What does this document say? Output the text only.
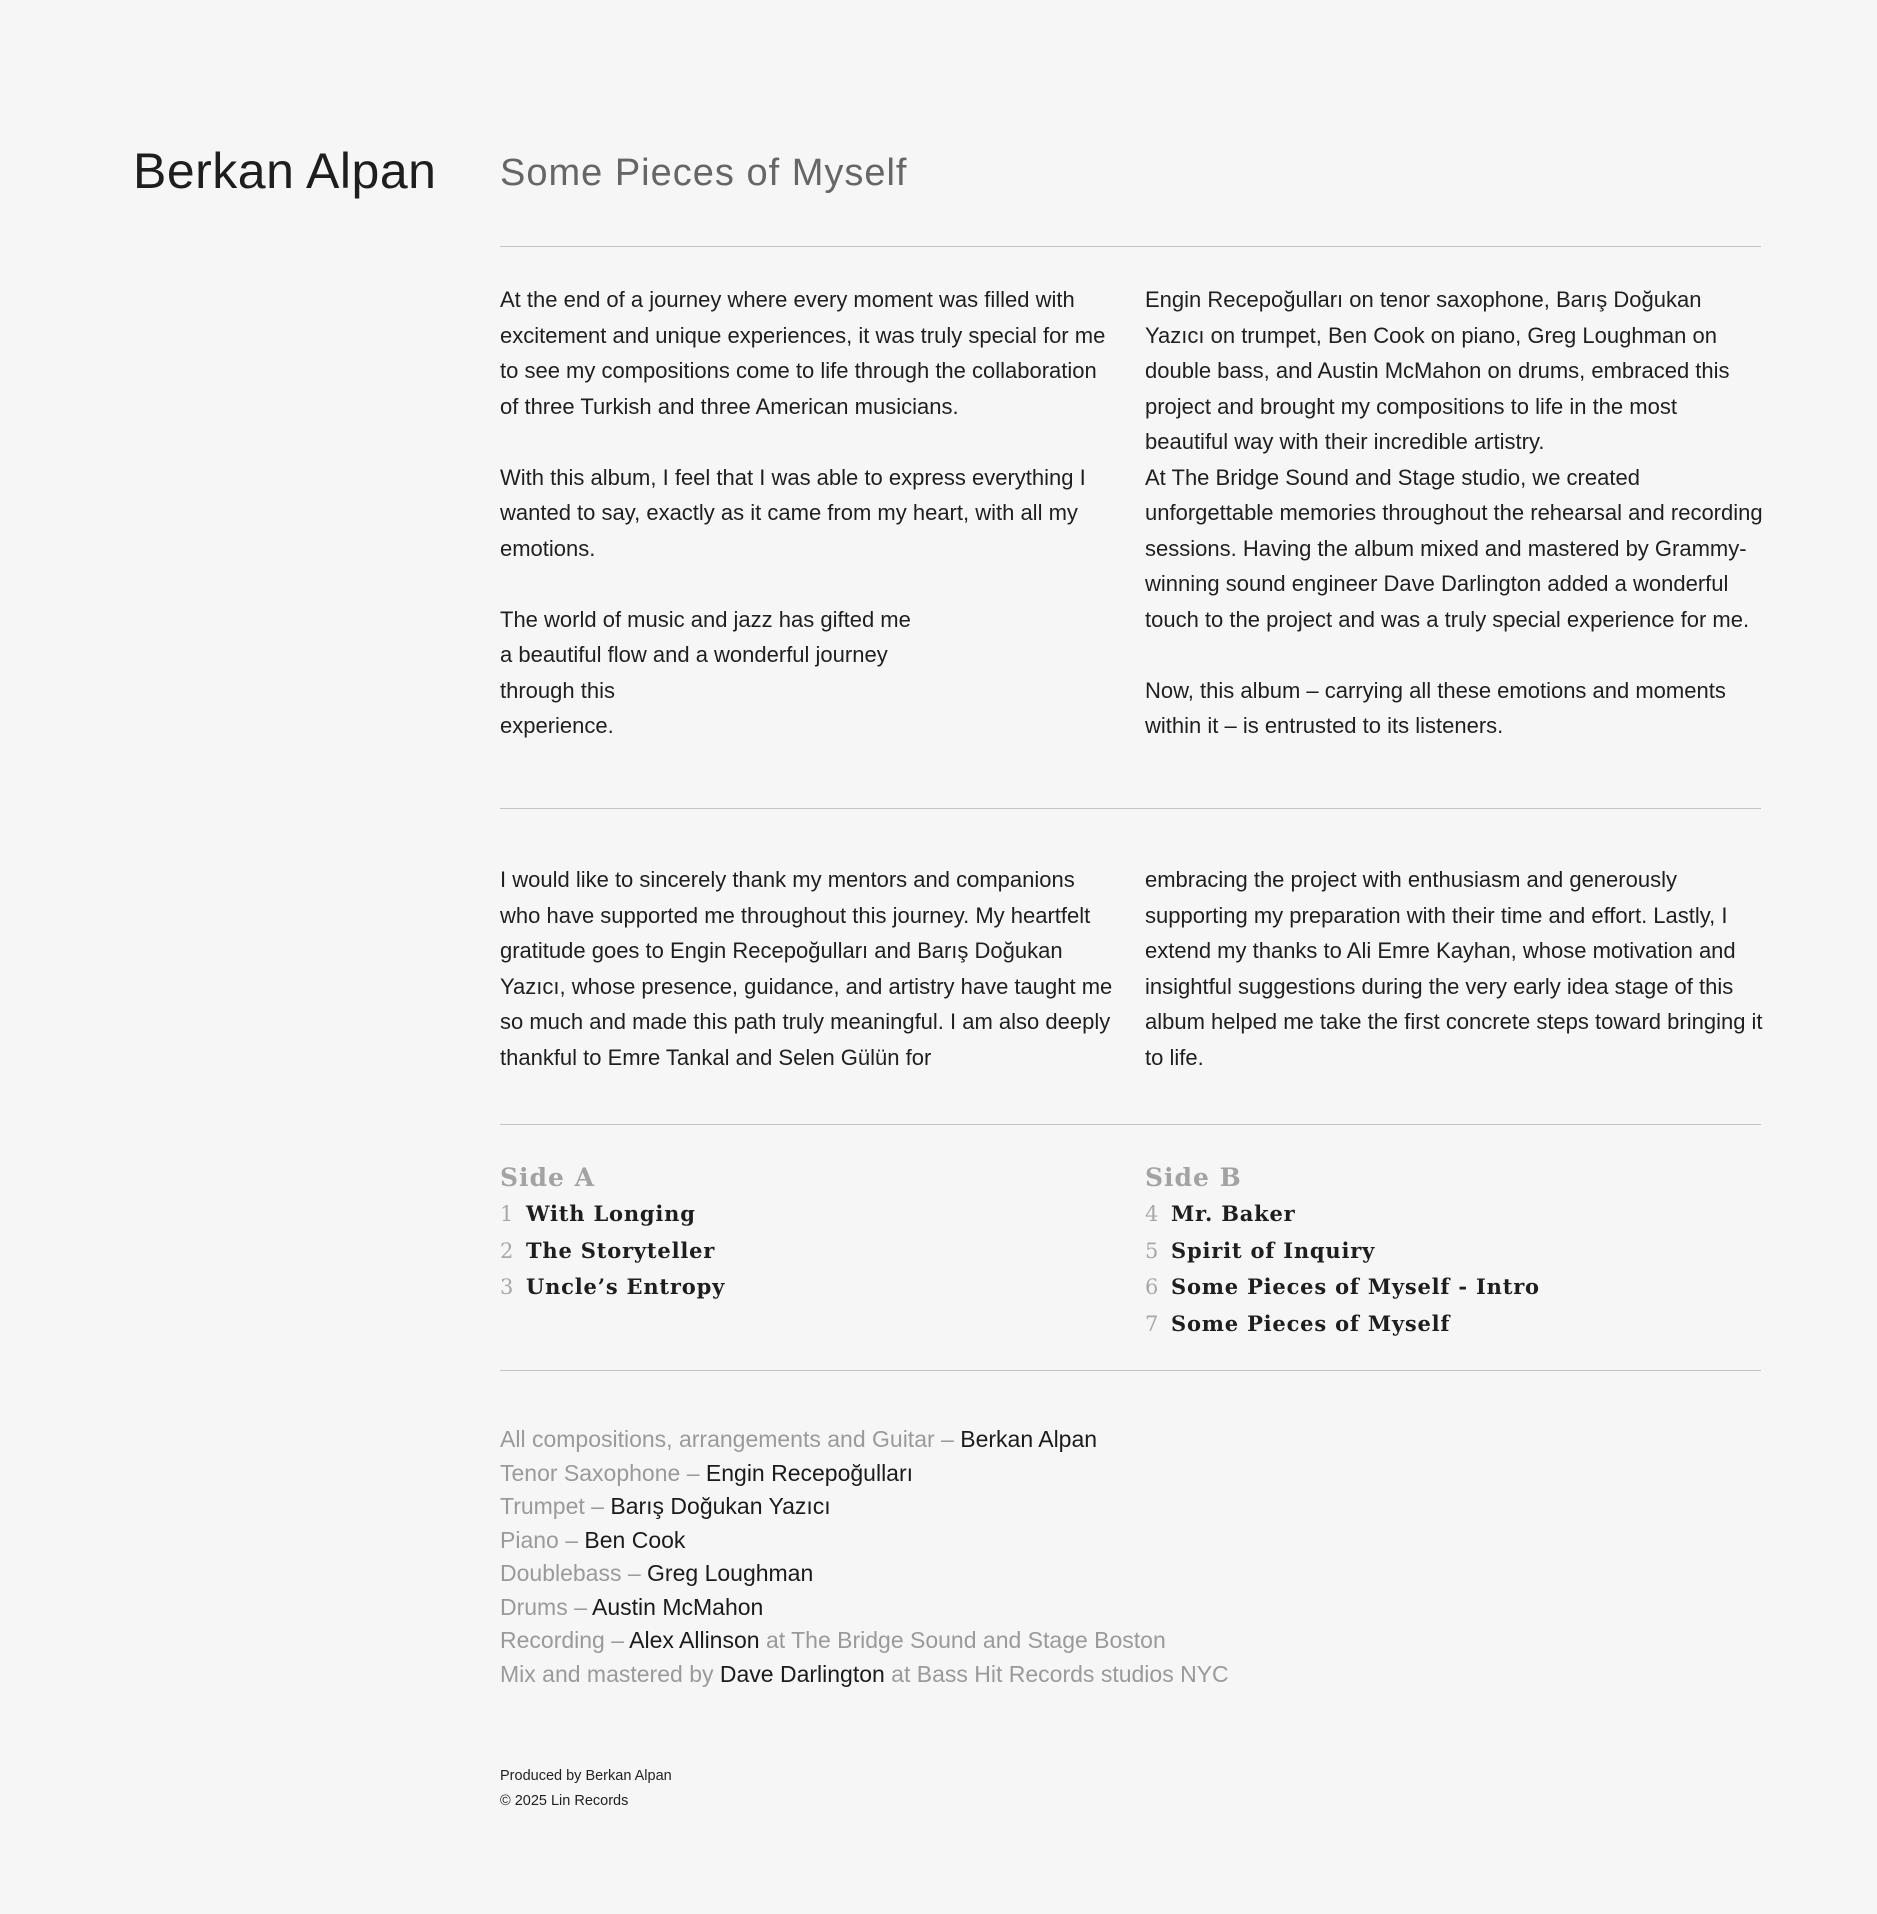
Berkan Alpan Some Pieces of Myself

At the end of a journey where every moment was filled with excitement and unique experiences, it was truly special for me to see my compositions come to life through the collaboration of three Turkish and three American musicians.

With this album, I feel that I was able to express everything I wanted to say, exactly as it came from my heart, with all my emotions.

The world of music and jazz has gifted me a beautiful flow and a wonderful journey through this

experience.

Engin Recepoğulları on tenor saxophone, Barış Doğukan Yazıcı on trumpet, Ben Cook on piano, Greg Loughman on double bass, and Austin McMahon on drums, embraced this project and brought my compositions to life in the most beautiful way with their incredible artistry.

At The Bridge Sound and Stage studio, we created unforgettable memories throughout the rehearsal and recording sessions. Having the album mixed and mastered by Grammy-winning sound engineer Dave Darlington added a wonderful touch to the project and was a truly special experience for me.

Now, this album – carrying all these emotions and moments within it – is entrusted to its listeners.

I would like to sincerely thank my mentors and companions who have supported me throughout this journey. My heartfelt gratitude goes to Engin Recepoğulları and Barış Doğukan Yazıcı, whose presence, guidance, and artistry have taught me so much and made this path truly meaningful. I am also deeply thankful to Emre Tankal and Selen Gülün for

embracing the project with enthusiasm and generously supporting my preparation with their time and effort. Lastly, I extend my thanks to Ali Emre Kayhan, whose motivation and insightful suggestions during the very early idea stage of this album helped me take the first concrete steps toward bringing it to life.

Side A
1 With Longing
2 The Storyteller
3 Uncle’s Entropy
Side B
4 Mr. Baker
5 Spirit of Inquiry
6 Some Pieces of Myself - Intro
7 Some Pieces of Myself
All compositions, arrangements and Guitar – Berkan Alpan
Tenor Saxophone – Engin Recepoğulları
Trumpet – Barış Doğukan Yazıcı
Piano – Ben Cook
Doublebass – Greg Loughman
Drums – Austin McMahon
Recording – Alex Allinson at The Bridge Sound and Stage Boston
Mix and mastered by Dave Darlington at Bass Hit Records studios NYC
Produced by Berkan Alpan
© 2025 Lin Records
